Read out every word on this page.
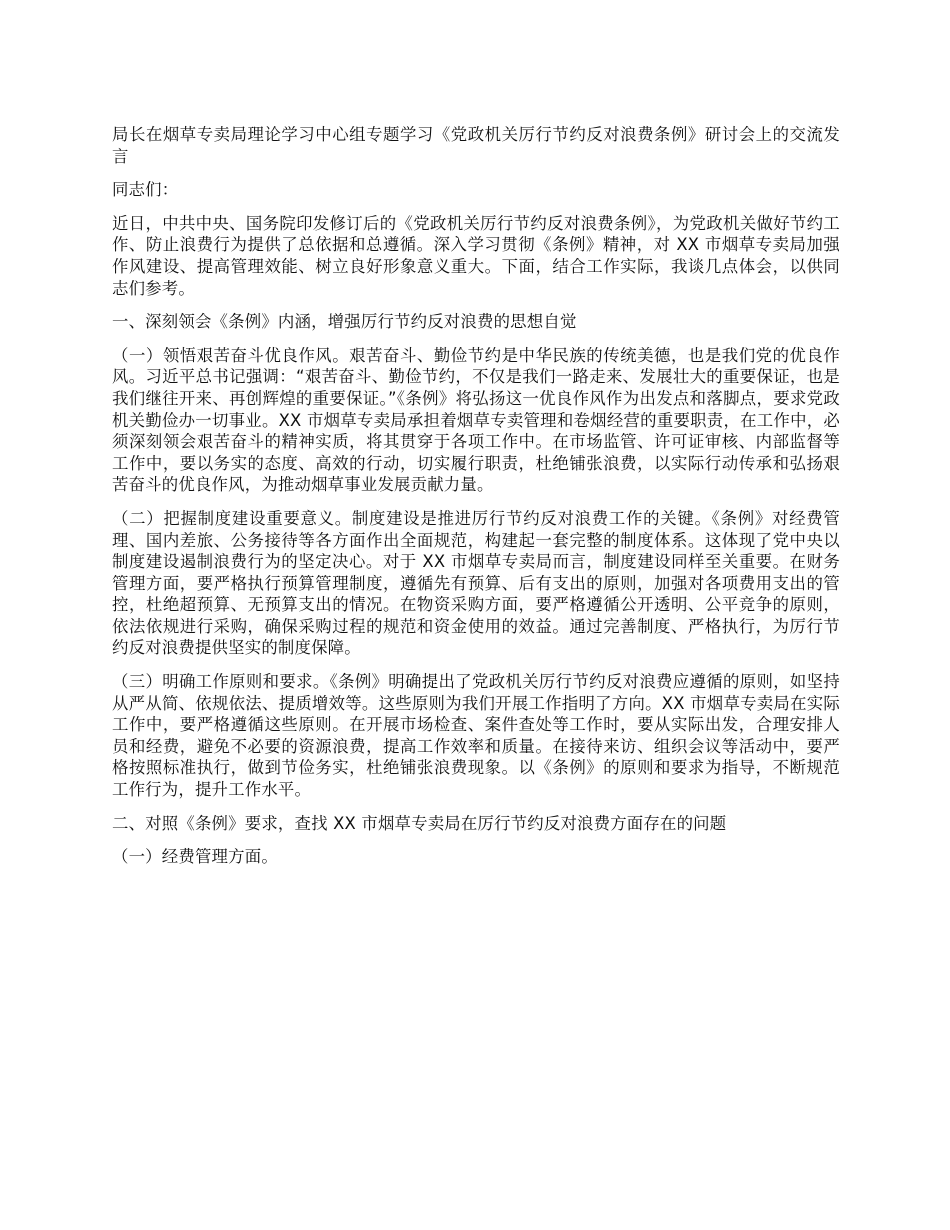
局长在烟草专卖局理论学习中心组专题学习《党政机关厉行节约反对浪费条例》研讨会上的交流发言

同志们：

近日，中共中央、国务院印发修订后的《党政机关厉行节约反对浪费条例》，为党政机关做好节约工作、防止浪费行为提供了总依据和总遵循。深入学习贯彻《条例》精神，对 XX 市烟草专卖局加强作风建设、提高管理效能、树立良好形象意义重大。下面，结合工作实际，我谈几点体会，以供同志们参考。

一、深刻领会《条例》内涵，增强厉行节约反对浪费的思想自觉

（一）领悟艰苦奋斗优良作风。艰苦奋斗、勤俭节约是中华民族的传统美德，也是我们党的优良作风。习近平总书记强调：“艰苦奋斗、勤俭节约，不仅是我们一路走来、发展壮大的重要保证，也是我们继往开来、再创辉煌的重要保证。”《条例》将弘扬这一优良作风作为出发点和落脚点，要求党政机关勤俭办一切事业。XX 市烟草专卖局承担着烟草专卖管理和卷烟经营的重要职责，在工作中，必须深刻领会艰苦奋斗的精神实质，将其贯穿于各项工作中。在市场监管、许可证审核、内部监督等工作中，要以务实的态度、高效的行动，切实履行职责，杜绝铺张浪费，以实际行动传承和弘扬艰苦奋斗的优良作风，为推动烟草事业发展贡献力量。

（二）把握制度建设重要意义。制度建设是推进厉行节约反对浪费工作的关键。《条例》对经费管理、国内差旅、公务接待等各方面作出全面规范，构建起一套完整的制度体系。这体现了党中央以制度建设遏制浪费行为的坚定决心。对于 XX 市烟草专卖局而言，制度建设同样至关重要。在财务管理方面，要严格执行预算管理制度，遵循先有预算、后有支出的原则，加强对各项费用支出的管控，杜绝超预算、无预算支出的情况。在物资采购方面，要严格遵循公开透明、公平竞争的原则，依法依规进行采购，确保采购过程的规范和资金使用的效益。通过完善制度、严格执行，为厉行节约反对浪费提供坚实的制度保障。

（三）明确工作原则和要求。《条例》明确提出了党政机关厉行节约反对浪费应遵循的原则，如坚持从严从简、依规依法、提质增效等。这些原则为我们开展工作指明了方向。XX 市烟草专卖局在实际工作中，要严格遵循这些原则。在开展市场检查、案件查处等工作时，要从实际出发，合理安排人员和经费，避免不必要的资源浪费，提高工作效率和质量。在接待来访、组织会议等活动中，要严格按照标准执行，做到节俭务实，杜绝铺张浪费现象。以《条例》的原则和要求为指导，不断规范工作行为，提升工作水平。

二、对照《条例》要求，查找 XX 市烟草专卖局在厉行节约反对浪费方面存在的问题

（一）经费管理方面。
